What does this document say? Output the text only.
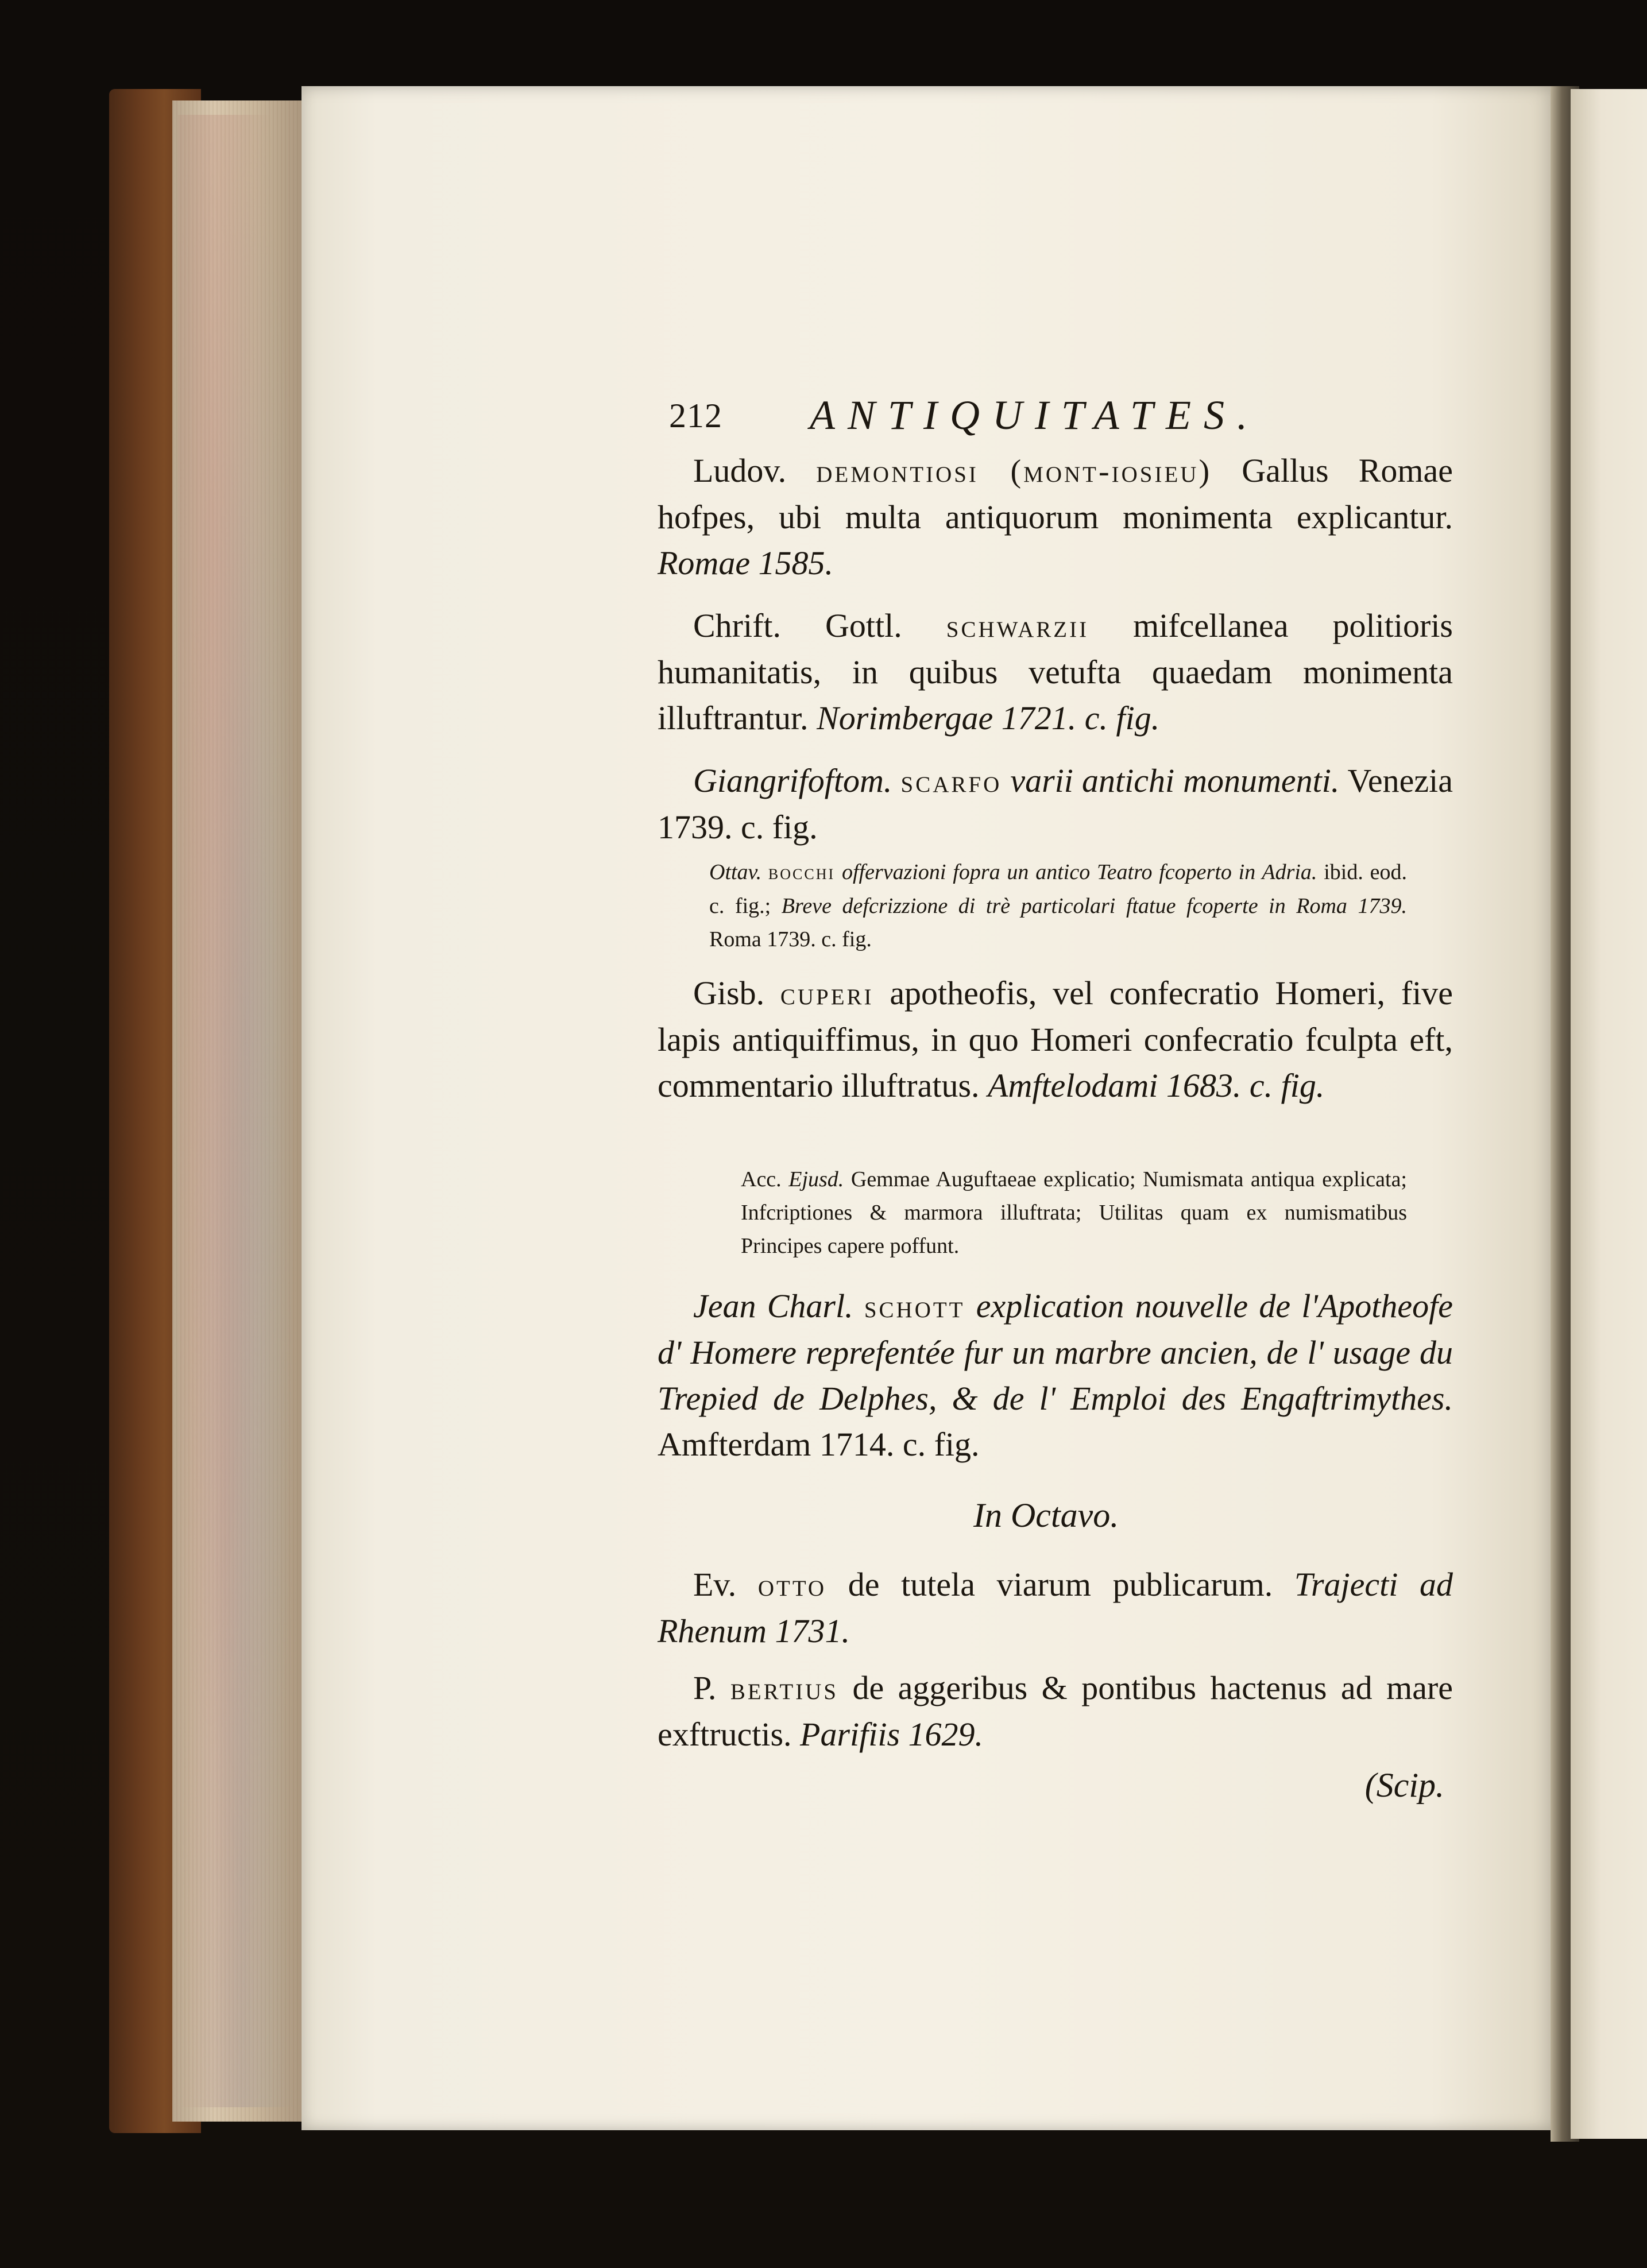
212 ANTIQUITATES.
Ludov. demontiosi (mont-iosieu) Gallus Romae hofpes, ubi multa antiquorum monimenta explicantur. Romae 1585.
Chrift. Gottl. schwarzii mifcellanea politioris humanitatis, in quibus vetufta quaedam monimenta illuftrantur. Norimbergae 1721. c. fig.
Giangrifoftom. scarfo varii antichi monumenti. Venezia 1739. c. fig.
Ottav. bocchi offervazioni fopra un antico Teatro fcoperto in Adria. ibid. eod. c. fig.; Breve defcrizzione di trè particolari ftatue fcoperte in Roma 1739. Roma 1739. c. fig.
Gisb. cuperi apotheofis, vel confecratio Homeri, five lapis antiquiffimus, in quo Homeri confecratio fculpta eft, commentario illuftratus. Amftelodami 1683. c. fig.
Acc. Ejusd. Gemmae Auguftaeae explicatio; Numismata antiqua explicata; Infcriptiones & marmora illuftrata; Utilitas quam ex numismatibus Principes capere poffunt.
Jean Charl. schott explication nouvelle de l'Apotheofe d' Homere reprefentée fur un marbre ancien, de l' usage du Trepied de Delphes, & de l' Emploi des Engaftrimythes. Amfterdam 1714. c. fig.
In Octavo.
Ev. otto de tutela viarum publicarum. Trajecti ad Rhenum 1731.
P. bertius de aggeribus & pontibus hactenus ad mare exftructis. Parifiis 1629.
(Scip.
